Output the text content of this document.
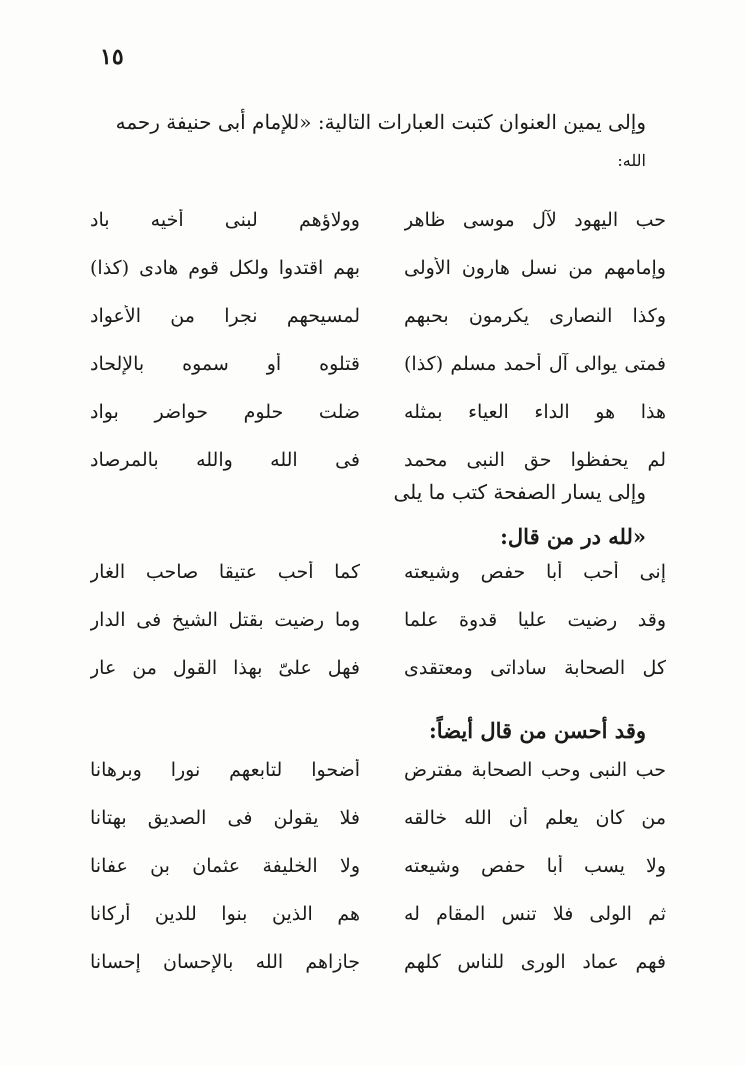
١٥
وإلى يمين العنوان كتبت العبارات التالية: «للإمام أبى حنيفة رحمه
الله:
حب اليهود لآل موسى ظاهر
وولاؤهم لبنى أخيه باد
وإمامهم من نسل هارون الأولى
بهم اقتدوا ولكل قوم هادى (كذا)
وكذا النصارى يكرمون بحبهم
لمسيحهم نجرا من الأعواد
فمتى يوالى آل أحمد مسلم (كذا)
قتلوه أو سموه بالإلحاد
هذا هو الداء العياء بمثله
ضلت حلوم حواضر بواد
لم يحفظوا حق النبى محمد
فى الله والله بالمرصاد
وإلى يسار الصفحة كتب ما يلى
«لله در من قال:
إنى أحب أبا حفص وشيعته
كما أحب عتيقا صاحب الغار
وقد رضيت عليا قدوة علما
وما رضيت بقتل الشيخ فى الدار
كل الصحابة ساداتى ومعتقدى
فهل علىّ بهذا القول من عار
وقد أحسن من قال أيضاً:
حب النبى وحب الصحابة مفترض
أضحوا لتابعهم نورا وبرهانا
من كان يعلم أن الله خالقه
فلا يقولن فى الصديق بهتانا
ولا يسب أبا حفص وشيعته
ولا الخليفة عثمان بن عفانا
ثم الولى فلا تنس المقام له
هم الذين بنوا للدين أركانا
فهم عماد الورى للناس كلهم
جازاهم الله بالإحسان إحسانا
